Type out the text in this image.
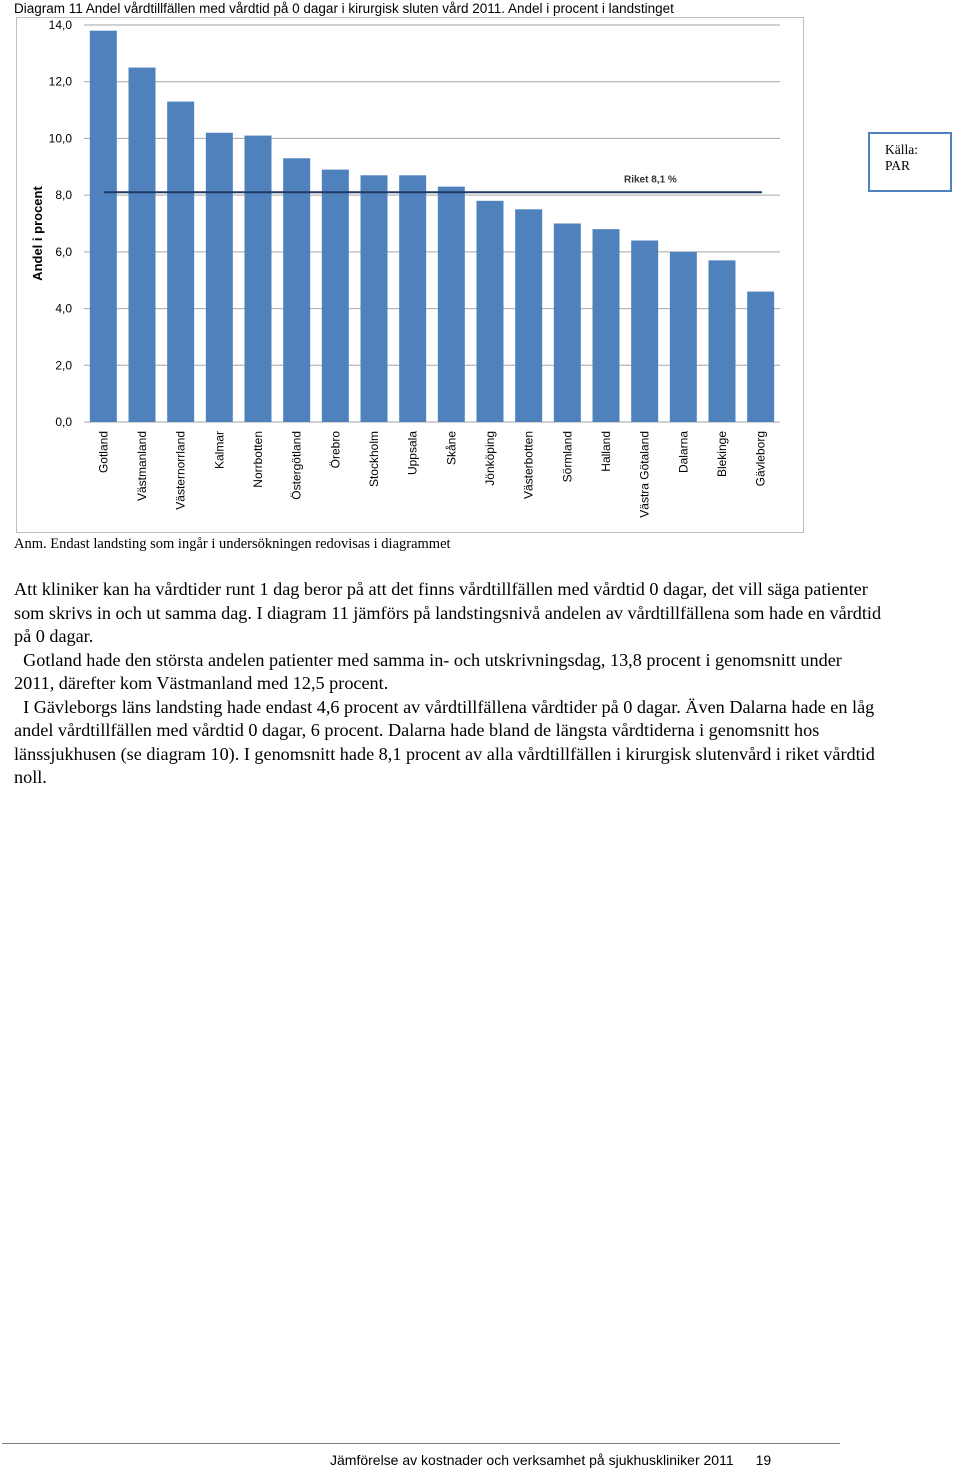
Diagram 11 Andel vårdtillfällen med vårdtid på 0 dagar i kirurgisk sluten vård 2011. Andel i procent i landstinget
0,0
2,0
4,0
6,0
8,0
10,0
12,0
14,0
Andel i procent
Gotland Västmanland Västernorrland Kalmar Norrbotten Östergötland Örebro Stockholm Uppsala Skåne Jönköping Västerbotten Sörmland Halland Västra Götaland Dalarna Blekinge Gävleborg
Riket 8,1 %
Källa:
PAR
Anm. Endast landsting som ingår i undersökningen redovisas i diagrammet

Att kliniker kan ha vårdtider runt 1 dag beror på att det finns vårdtillfällen med vårdtid 0 dagar, det vill säga patienter som skrivs in och ut samma dag. I diagram 11 jämförs på landstingsnivå andelen av vårdtillfällena som hade en vårdtid på 0 dagar.

Gotland hade den största andelen patienter med samma in- och utskrivningsdag, 13,8 procent i genomsnitt under 2011, därefter kom Västmanland med 12,5 procent.

I Gävleborgs läns landsting hade endast 4,6 procent av vårdtillfällena vårdtider på 0 dagar. Även Dalarna hade en låg andel vårdtillfällen med vårdtid 0 dagar, 6 procent. Dalarna hade bland de längsta vårdtiderna i genomsnitt hos länssjukhusen (se diagram 10). I genomsnitt hade 8,1 procent av alla vårdtillfällen i kirurgisk slutenvård i riket vårdtid noll.

Jämförelse av kostnader och verksamhet på sjukhuskliniker 2011 19
